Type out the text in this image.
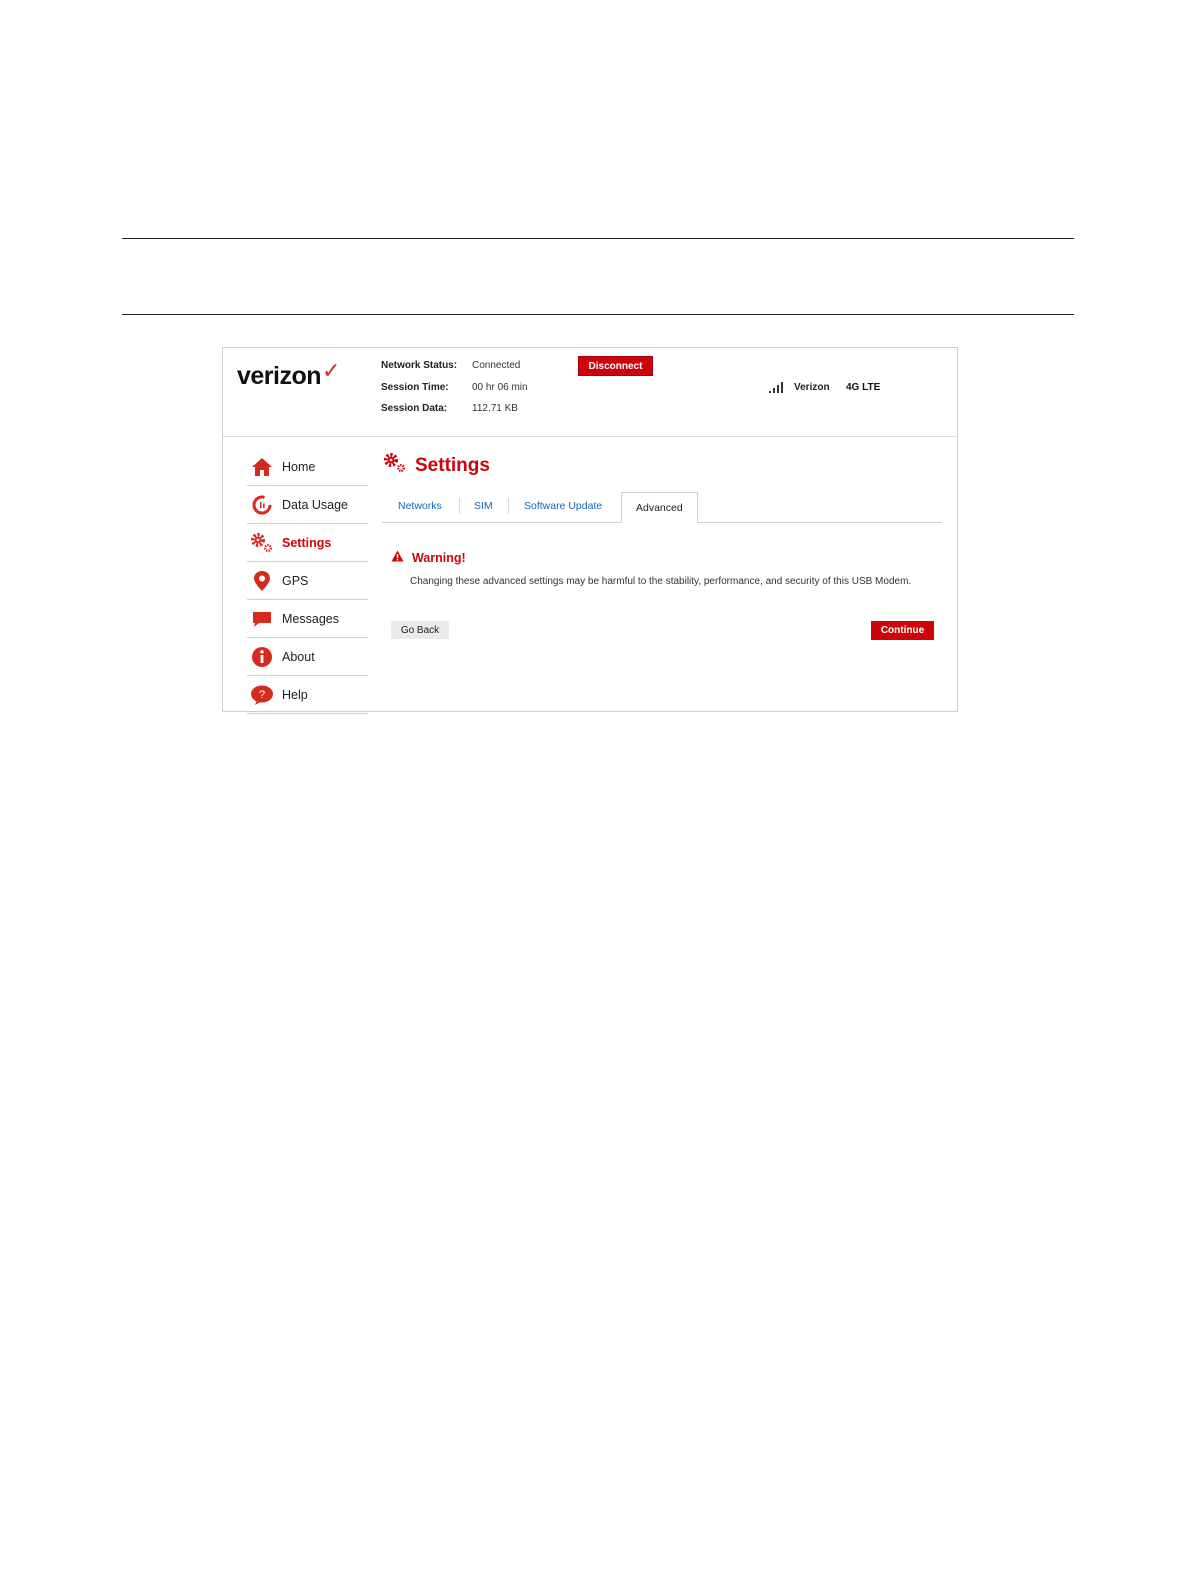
verizon✓	Network Status: Connected
Session Time: 00 hr 06 min
Session Data: 112.71 KB
Disconnect
Verizon 4G LTE
Home
Data Usage
Settings
GPS
Messages
About
? Help
Settings
Networks	SIM	Software Update	Advanced
Warning!
Changing these advanced settings may be harmful to the stability, performance, and security of this USB Modem.
Go Back	Continue
